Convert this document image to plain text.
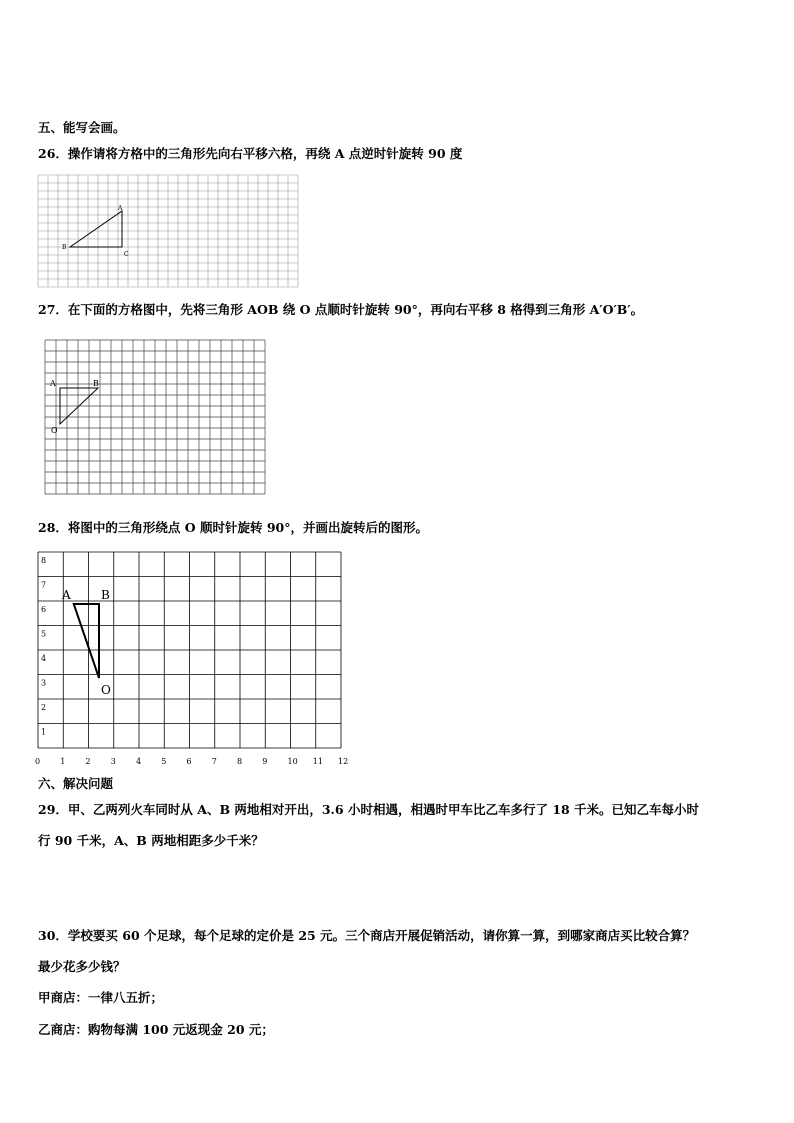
五、能写会画。
26．操作请将方格中的三角形先向右平移六格，再绕 A 点逆时针旋转 90 度
A
B
C
27．在下面的方格图中，先将三角形 AOB 绕 O 点顺时针旋转 90°，再向右平移 8 格得到三角形 A′O′B′。
A	B
O
28．将图中的三角形绕点 O 顺时针旋转 90°，并画出旋转后的图形。
0	1	2	3	4	5	6	7	8	9	10 11 12
1
2
3
4
5
6
7
8
A	B
O
六、解决问题
29．甲、乙两列火车同时从 A、B 两地相对开出，3.6 小时相遇，相遇时甲车比乙车多行了 18 千米。已知乙车每小时
行 90 千米，A、B 两地相距多少千米？
30．学校要买 60 个足球，每个足球的定价是 25 元。三个商店开展促销活动，请你算一算，到哪家商店买比较合算？
最少花多少钱？
甲商店：一律八五折；
乙商店：购物每满 100 元返现金 20 元；
